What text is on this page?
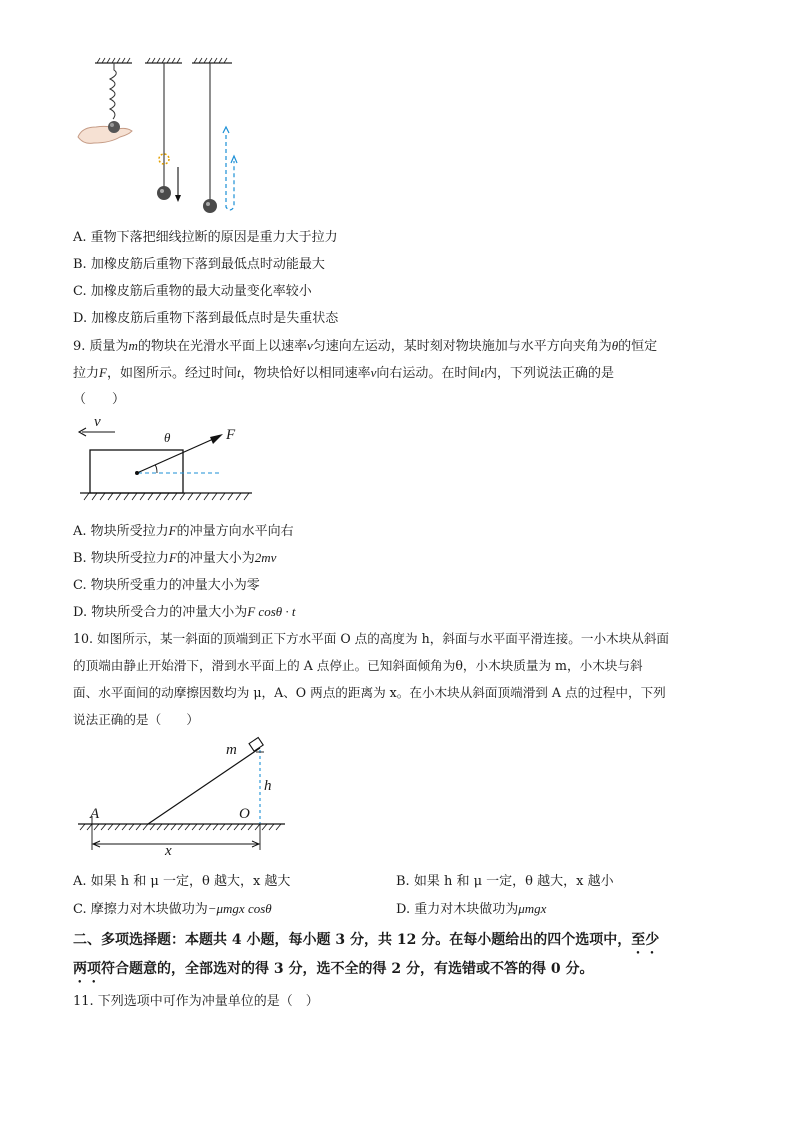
A. 重物下落把细线拉断的原因是重力大于拉力
B. 加橡皮筋后重物下落到最低点时动能最大
C. 加橡皮筋后重物的最大动量变化率较小
D. 加橡皮筋后重物下落到最低点时是失重状态
9. 质量为m的物块在光滑水平面上以速率v匀速向左运动，某时刻对物块施加与水平方向夹角为θ的恒定
拉力F，如图所示。经过时间t，物块恰好以相同速率v向右运动。在时间t内，下列说法正确的是
（　　）
v
F
θ
A. 物块所受拉力F的冲量方向水平向右
B. 物块所受拉力F的冲量大小为2mv
C. 物块所受重力的冲量大小为零
D. 物块所受合力的冲量大小为F cosθ · t
10. 如图所示，某一斜面的顶端到正下方水平面 O 点的高度为 h，斜面与水平面平滑连接。一小木块从斜面
的顶端由静止开始滑下，滑到水平面上的 A 点停止。已知斜面倾角为θ，小木块质量为 m，小木块与斜
面、水平面间的动摩擦因数均为 μ，A、O 两点的距离为 x。在小木块从斜面顶端滑到 A 点的过程中，下列
说法正确的是（　　）
m
h
A	O
x
A. 如果 h 和 μ 一定，θ 越大，x 越大	B. 如果 h 和 μ 一定，θ 越大，x 越小
C. 摩擦力对木块做功为−μmgx cosθ	D. 重力对木块做功为μmgx
二、多项选择题：本题共 4 小题，每小题 3 分，共 12 分。在每小题给出的四个选项中，至少
两项符合题意的，全部选对的得 3 分，选不全的得 2 分，有选错或不答的得 0 分。
11. 下列选项中可作为冲量单位的是（　）
